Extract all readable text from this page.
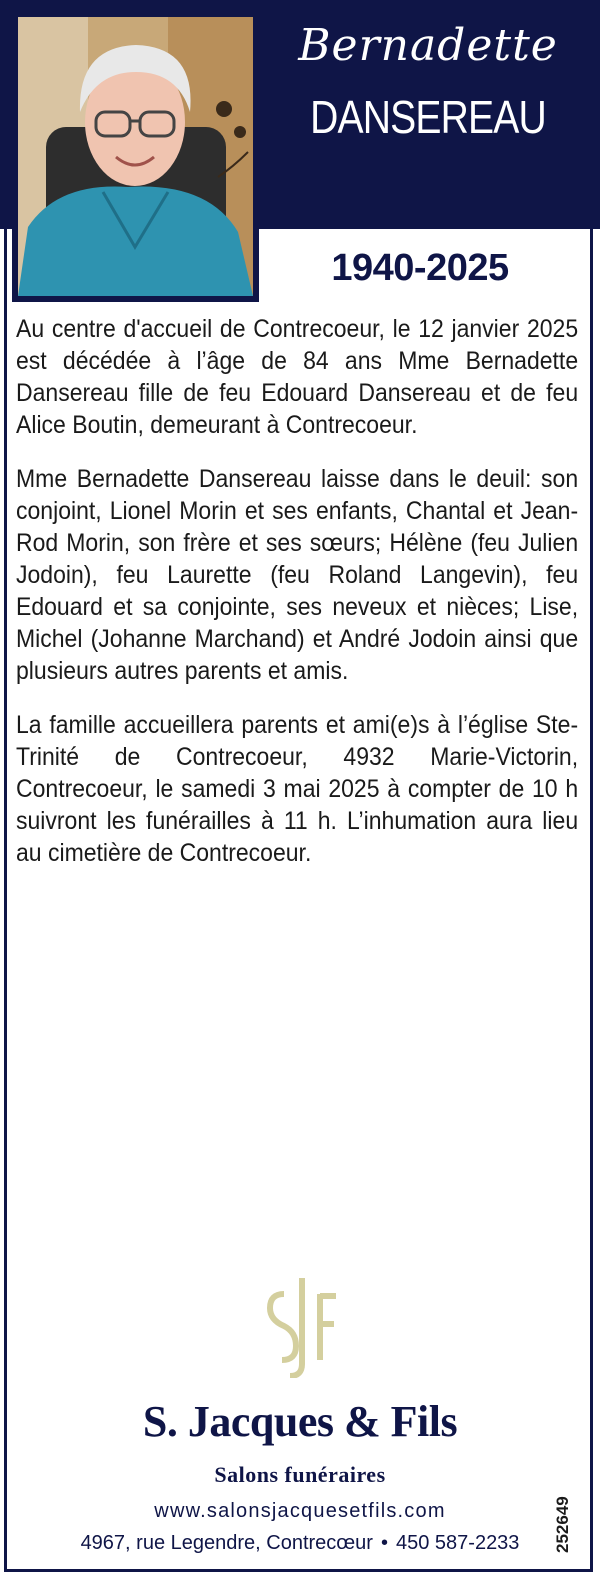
Bernadette
DANSEREAU
1940-2025

Au centre d'accueil de Contrecoeur, le 12 janvier 2025 est décédée à l’âge de 84 ans Mme Bernadette Dansereau fille de feu Edouard Dansereau et de feu Alice Boutin, demeurant à Contrecoeur.

Mme Bernadette Dansereau laisse dans le deuil: son conjoint, Lionel Morin et ses enfants, Chantal et Jean-Rod Morin, son frère et ses sœurs; Hélène (feu Julien Jodoin), feu Laurette (feu Roland Langevin), feu Edouard et sa conjointe, ses neveux et nièces; Lise, Michel (Johanne Marchand) et André Jodoin ainsi que plusieurs autres parents et amis.

La famille accueillera parents et ami(e)s à l’église Ste-Trinité de Contrecoeur, 4932 Marie-Victorin, Contrecoeur, le samedi 3 mai 2025 à compter de 10 h suivront les funérailles à 11 h. L’inhumation aura lieu au cimetière de Contrecoeur.

S. Jacques & Fils
Salons funéraires
www.salonsjacquesetfils.com
4967, rue Legendre, Contrecœur • 450 587-2233	252649
